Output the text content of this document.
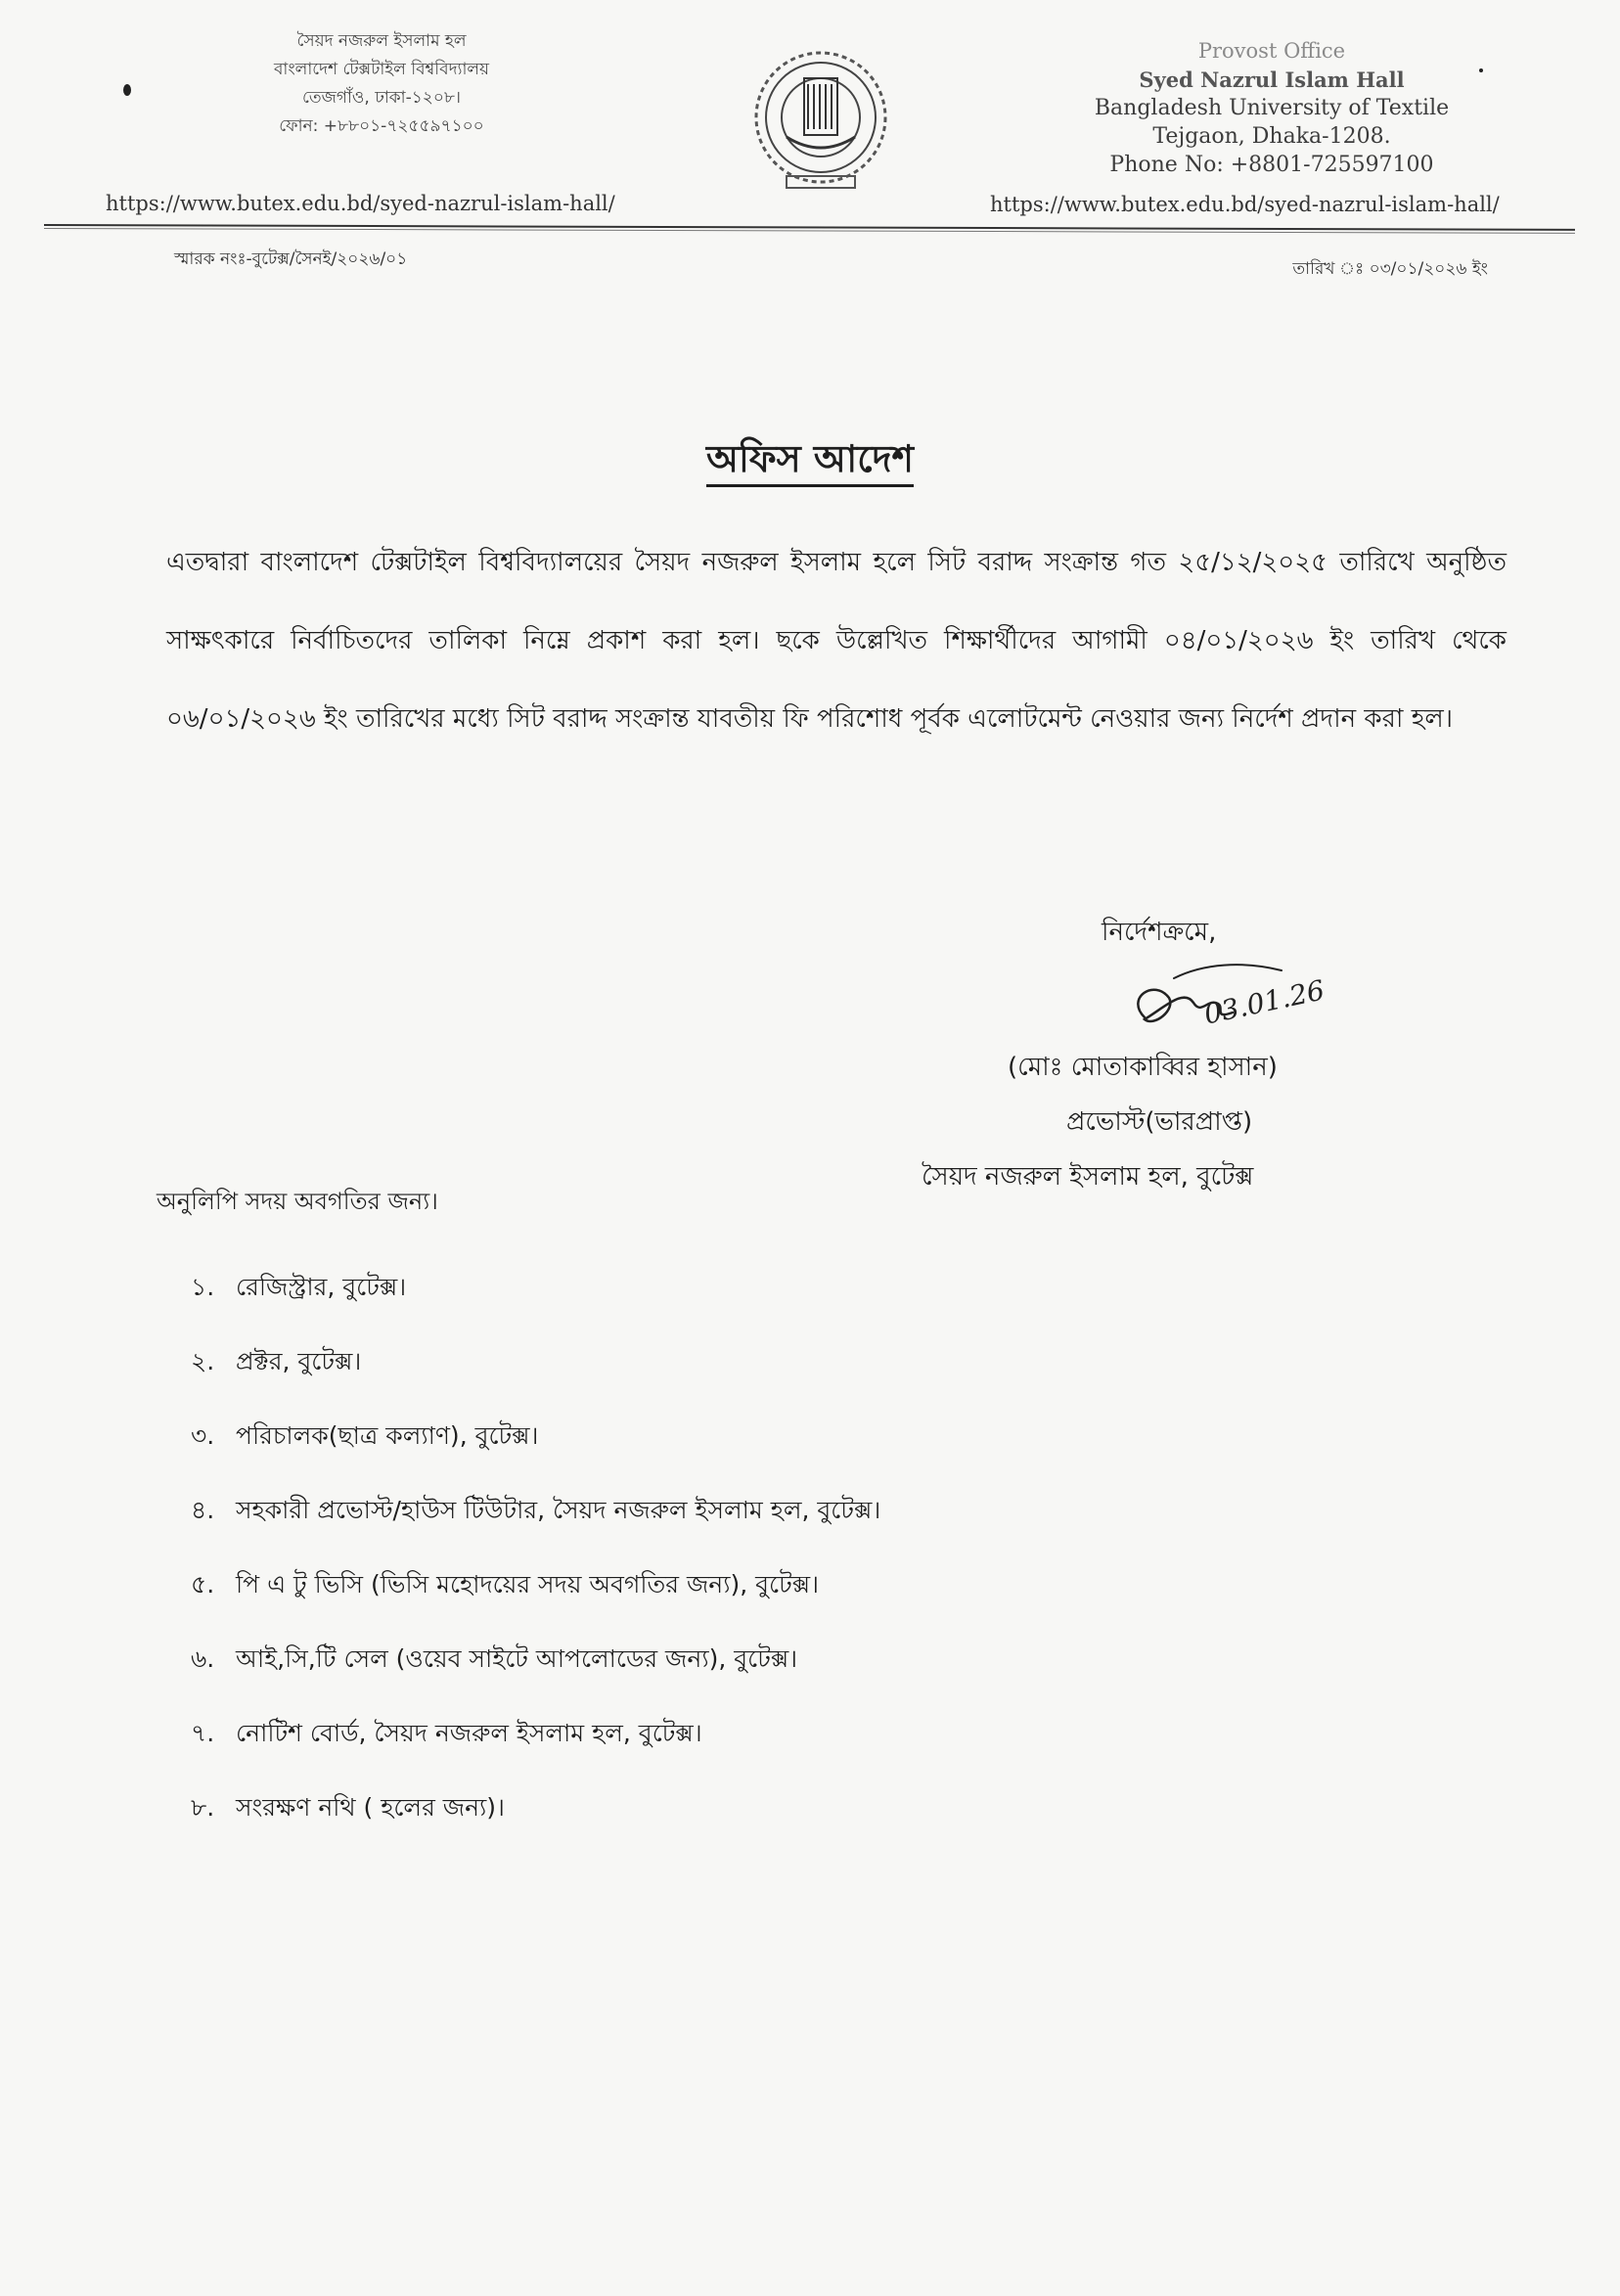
সৈয়দ নজরুল ইসলাম হল
বাংলাদেশ টেক্সটাইল বিশ্ববিদ্যালয়
তেজগাঁও, ঢাকা-১২০৮।
ফোন: +৮৮০১-৭২৫৫৯৭১০০
https://www.butex.edu.bd/syed-nazrul-islam-hall/
Provost Office
Syed Nazrul Islam Hall
Bangladesh University of Textile
Tejgaon, Dhaka-1208.
Phone No: +8801-725597100
https://www.butex.edu.bd/syed-nazrul-islam-hall/
স্মারক নংঃ-বুটেক্স/সৈনই/২০২৬/০১	তারিখ ঃ ০৩/০১/২০২৬ ইং
অফিস আদেশ
এতদ্বারা বাংলাদেশ টেক্সটাইল বিশ্ববিদ্যালয়ের সৈয়দ নজরুল ইসলাম হলে সিট বরাদ্দ সংক্রান্ত গত ২৫/১২/২০২৫ তারিখে অনুষ্ঠিত সাক্ষৎকারে নির্বাচিতদের তালিকা নিম্নে প্রকাশ করা হল। ছকে উল্লেখিত শিক্ষার্থীদের আগামী ০৪/০১/২০২৬ ইং তারিখ থেকে ০৬/০১/২০২৬ ইং তারিখের মধ্যে সিট বরাদ্দ সংক্রান্ত যাবতীয় ফি পরিশোধ পূর্বক এলোটমেন্ট নেওয়ার জন্য নির্দেশ প্রদান করা হল।
নির্দেশক্রমে,
03.01.26
(মোঃ মোতাকাব্বির হাসান)
প্রভোস্ট(ভারপ্রাপ্ত)
সৈয়দ নজরুল ইসলাম হল, বুটেক্স
অনুলিপি সদয় অবগতির জন্য।
১. রেজিস্ট্রার, বুটেক্স।
২. প্রক্টর, বুটেক্স।
৩. পরিচালক(ছাত্র কল্যাণ), বুটেক্স।
৪. সহকারী প্রভোস্ট/হাউস টিউটার, সৈয়দ নজরুল ইসলাম হল, বুটেক্স।
৫. পি এ টু ভিসি (ভিসি মহোদয়ের সদয় অবগতির জন্য), বুটেক্স।
৬. আই,সি,টি সেল (ওয়েব সাইটে আপলোডের জন্য), বুটেক্স।
৭. নোটিশ বোর্ড, সৈয়দ নজরুল ইসলাম হল, বুটেক্স।
৮. সংরক্ষণ নথি ( হলের জন্য)।
